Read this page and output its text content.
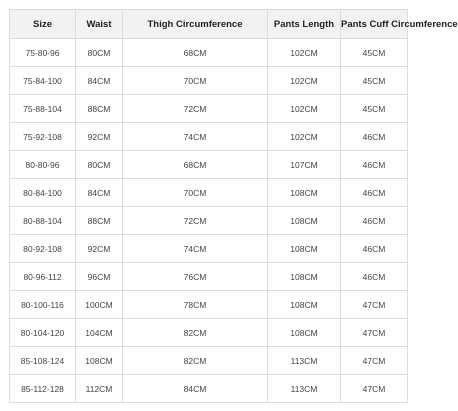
Size	Waist	Thigh Circumference	Pants Length	Pants Cuff Circumference
75-80-96	80CM	68CM	102CM	45CM
75-84-100	84CM	70CM	102CM	45CM
75-88-104	88CM	72CM	102CM	45CM
75-92-108	92CM	74CM	102CM	46CM
80-80-96	80CM	68CM	107CM	46CM
80-84-100	84CM	70CM	108CM	46CM
80-88-104	88CM	72CM	108CM	46CM
80-92-108	92CM	74CM	108CM	46CM
80-96-112	96CM	76CM	108CM	46CM
80-100-116	100CM	78CM	108CM	47CM
80-104-120	104CM	82CM	108CM	47CM
85-108-124	108CM	82CM	113CM	47CM
85-112-128	112CM	84CM	113CM	47CM
